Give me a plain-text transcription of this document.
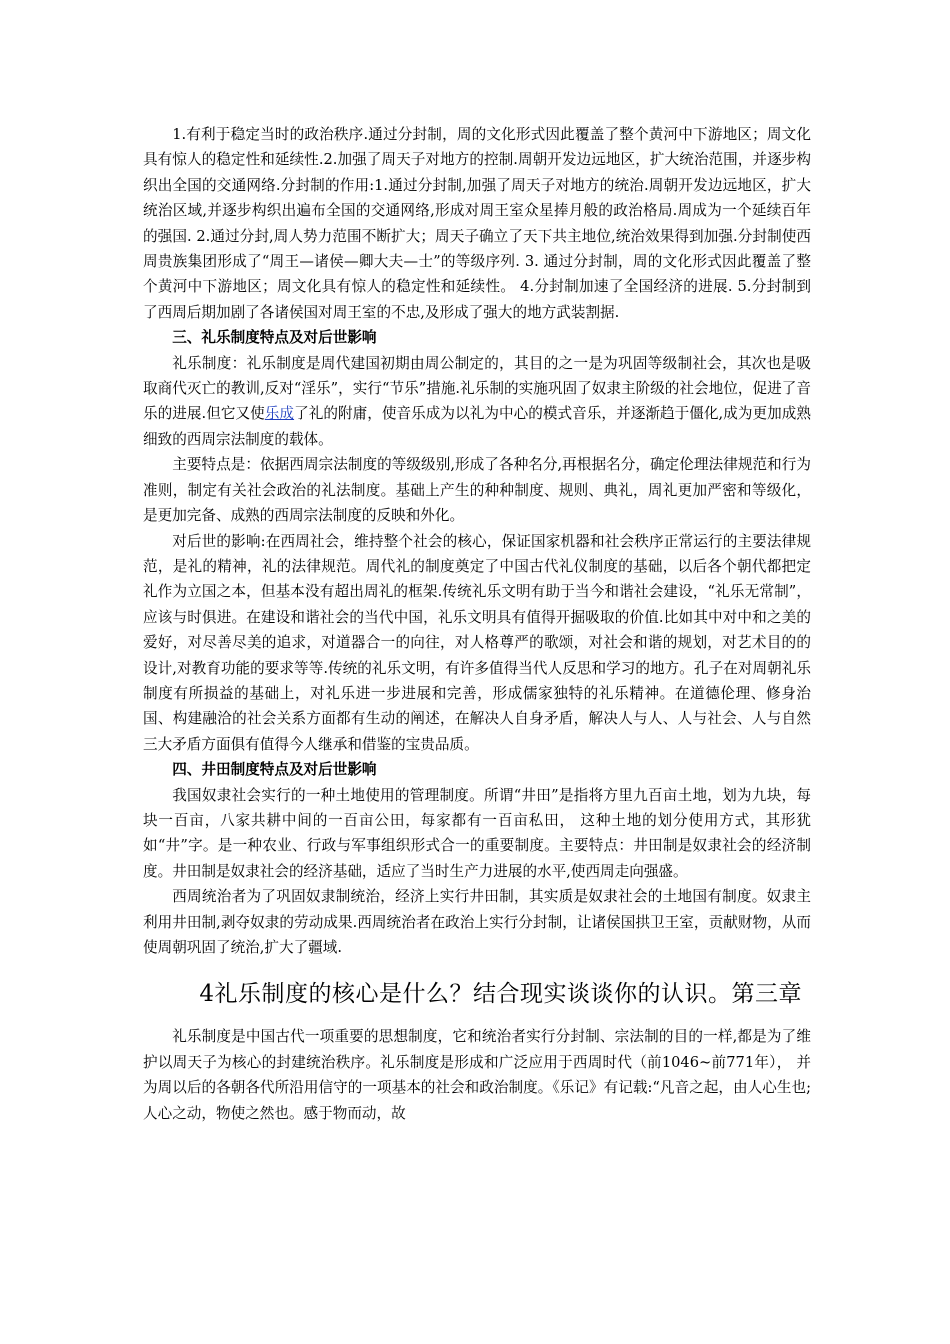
1.有利于稳定当时的政治秩序.通过分封制，周的文化形式因此覆盖了整个黄河中下游地区；周文化具有惊人的稳定性和延续性.2.加强了周天子对地方的控制.周朝开发边远地区，扩大统治范围，并逐步构织出全国的交通网络.分封制的作用:1.通过分封制,加强了周天子对地方的统治.周朝开发边远地区，扩大统治区域,并逐步构织出遍布全国的交通网络,形成对周王室众星捧月般的政治格局.周成为一个延续百年的强国. 2.通过分封,周人势力范围不断扩大；周天子确立了天下共主地位,统治效果得到加强.分封制使西周贵族集团形成了“周王—诸侯—卿大夫—士”的等级序列. 3. 通过分封制，周的文化形式因此覆盖了整个黄河中下游地区；周文化具有惊人的稳定性和延续性。 4.分封制加速了全国经济的进展. 5.分封制到了西周后期加剧了各诸侯国对周王室的不忠,及形成了强大的地方武装割据.

三、礼乐制度特点及对后世影响

礼乐制度：礼乐制度是周代建国初期由周公制定的，其目的之一是为巩固等级制社会，其次也是吸取商代灭亡的教训,反对“淫乐”，实行“节乐”措施.礼乐制的实施巩固了奴隶主阶级的社会地位，促进了音乐的进展.但它又使乐成了礼的附庸，使音乐成为以礼为中心的模式音乐，并逐渐趋于僵化,成为更加成熟细致的西周宗法制度的载体。

主要特点是：依据西周宗法制度的等级级别,形成了各种名分,再根据名分，确定伦理法律规范和行为准则，制定有关社会政治的礼法制度。基础上产生的种种制度、规则、典礼，周礼更加严密和等级化，是更加完备、成熟的西周宗法制度的反映和外化。

对后世的影响:在西周社会，维持整个社会的核心，保证国家机器和社会秩序正常运行的主要法律规范，是礼的精神，礼的法律规范。周代礼的制度奠定了中国古代礼仪制度的基础，以后各个朝代都把定礼作为立国之本，但基本没有超出周礼的框架.传统礼乐文明有助于当今和谐社会建设，“礼乐无常制”，应该与时俱进。在建设和谐社会的当代中国，礼乐文明具有值得开掘吸取的价值.比如其中对中和之美的爱好，对尽善尽美的追求，对道器合一的向往，对人格尊严的歌颂，对社会和谐的规划，对艺术目的的设计,对教育功能的要求等等.传统的礼乐文明，有许多值得当代人反思和学习的地方。孔子在对周朝礼乐制度有所损益的基础上，对礼乐进一步进展和完善，形成儒家独特的礼乐精神。在道德伦理、修身治国、构建融洽的社会关系方面都有生动的阐述，在解决人自身矛盾，解决人与人、人与社会、人与自然三大矛盾方面俱有值得今人继承和借鉴的宝贵品质。

四、井田制度特点及对后世影响

我国奴隶社会实行的一种土地使用的管理制度。所谓“井田”是指将方里九百亩土地，划为九块，每块一百亩，八家共耕中间的一百亩公田，每家都有一百亩私田， 这种土地的划分使用方式，其形犹如“井”字。是一种农业、行政与军事组织形式合一的重要制度。主要特点：井田制是奴隶社会的经济制度。井田制是奴隶社会的经济基础，适应了当时生产力进展的水平,使西周走向强盛。

西周统治者为了巩固奴隶制统治，经济上实行井田制，其实质是奴隶社会的土地国有制度。奴隶主利用井田制,剥夺奴隶的劳动成果.西周统治者在政治上实行分封制，让诸侯国拱卫王室，贡献财物，从而使周朝巩固了统治,扩大了疆域.

4礼乐制度的核心是什么？结合现实谈谈你的认识。第三章

礼乐制度是中国古代一项重要的思想制度，它和统治者实行分封制、宗法制的目的一样,都是为了维护以周天子为核心的封建统治秩序。礼乐制度是形成和广泛应用于西周时代（前1046~前771年）， 并为周以后的各朝各代所沿用信守的一项基本的社会和政治制度。《乐记》有记载:“凡音之起，由人心生也;人心之动，物使之然也。感于物而动，故
